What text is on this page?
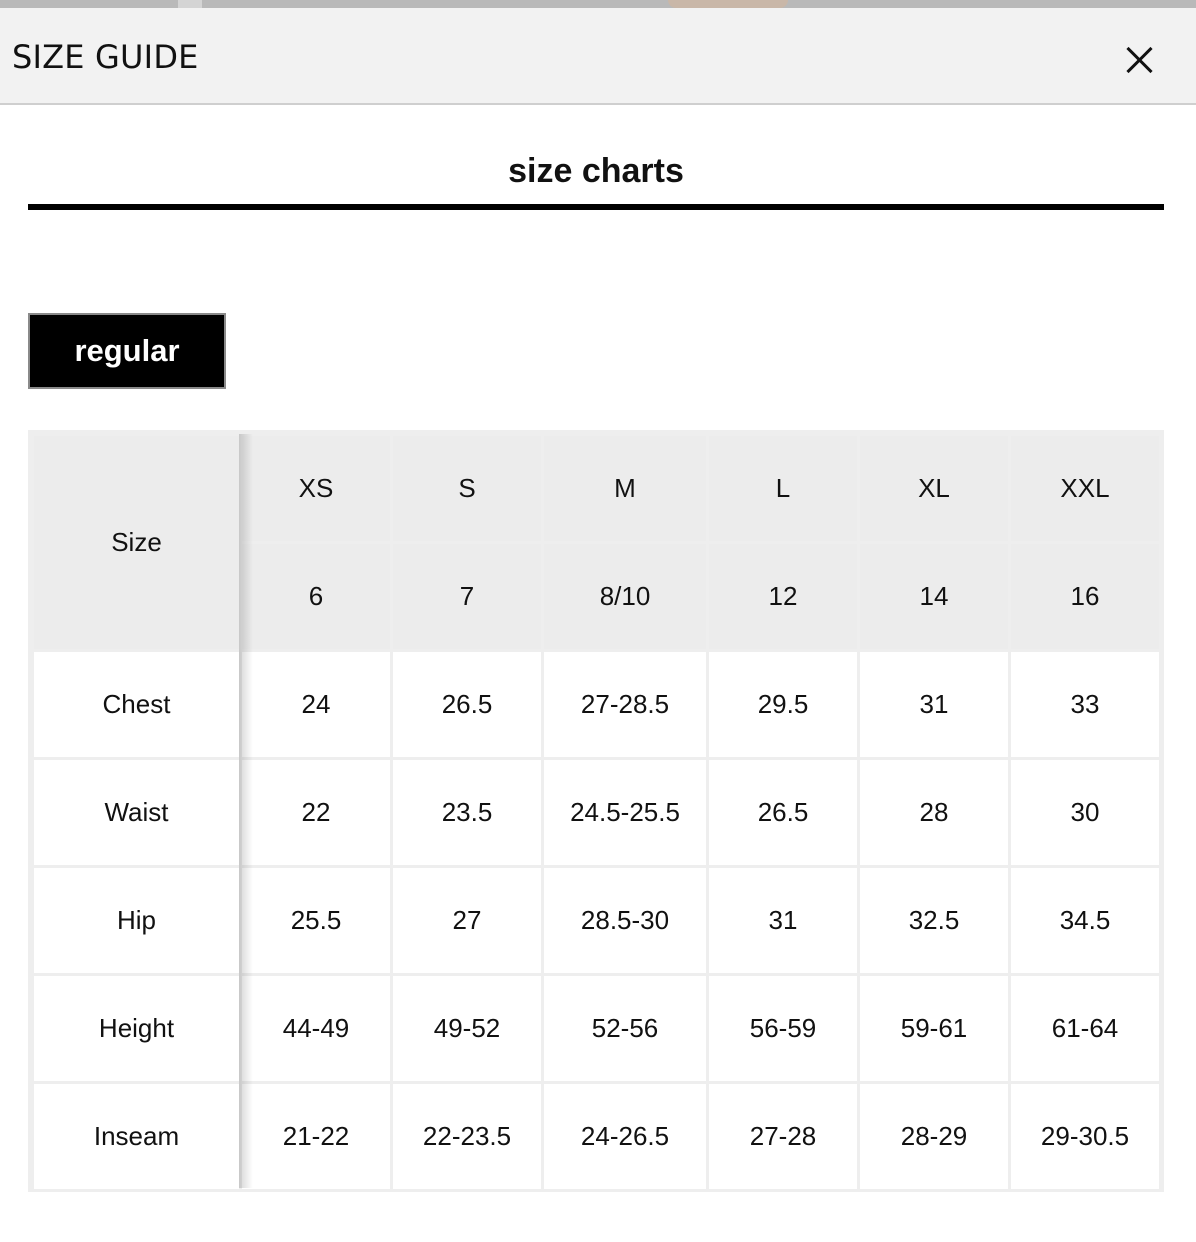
SIZE GUIDE
size charts
regular
Size	XS	S	M	L	XL	XXL
	6	7	8/10	12	14	16
Chest	24	26.5	27-28.5	29.5	31	33
Waist	22	23.5	24.5-25.5	26.5	28	30
Hip	25.5	27	28.5-30	31	32.5	34.5
Height	44-49	49-52	52-56	56-59	59-61	61-64
Inseam	21-22	22-23.5	24-26.5	27-28	28-29	29-30.5
